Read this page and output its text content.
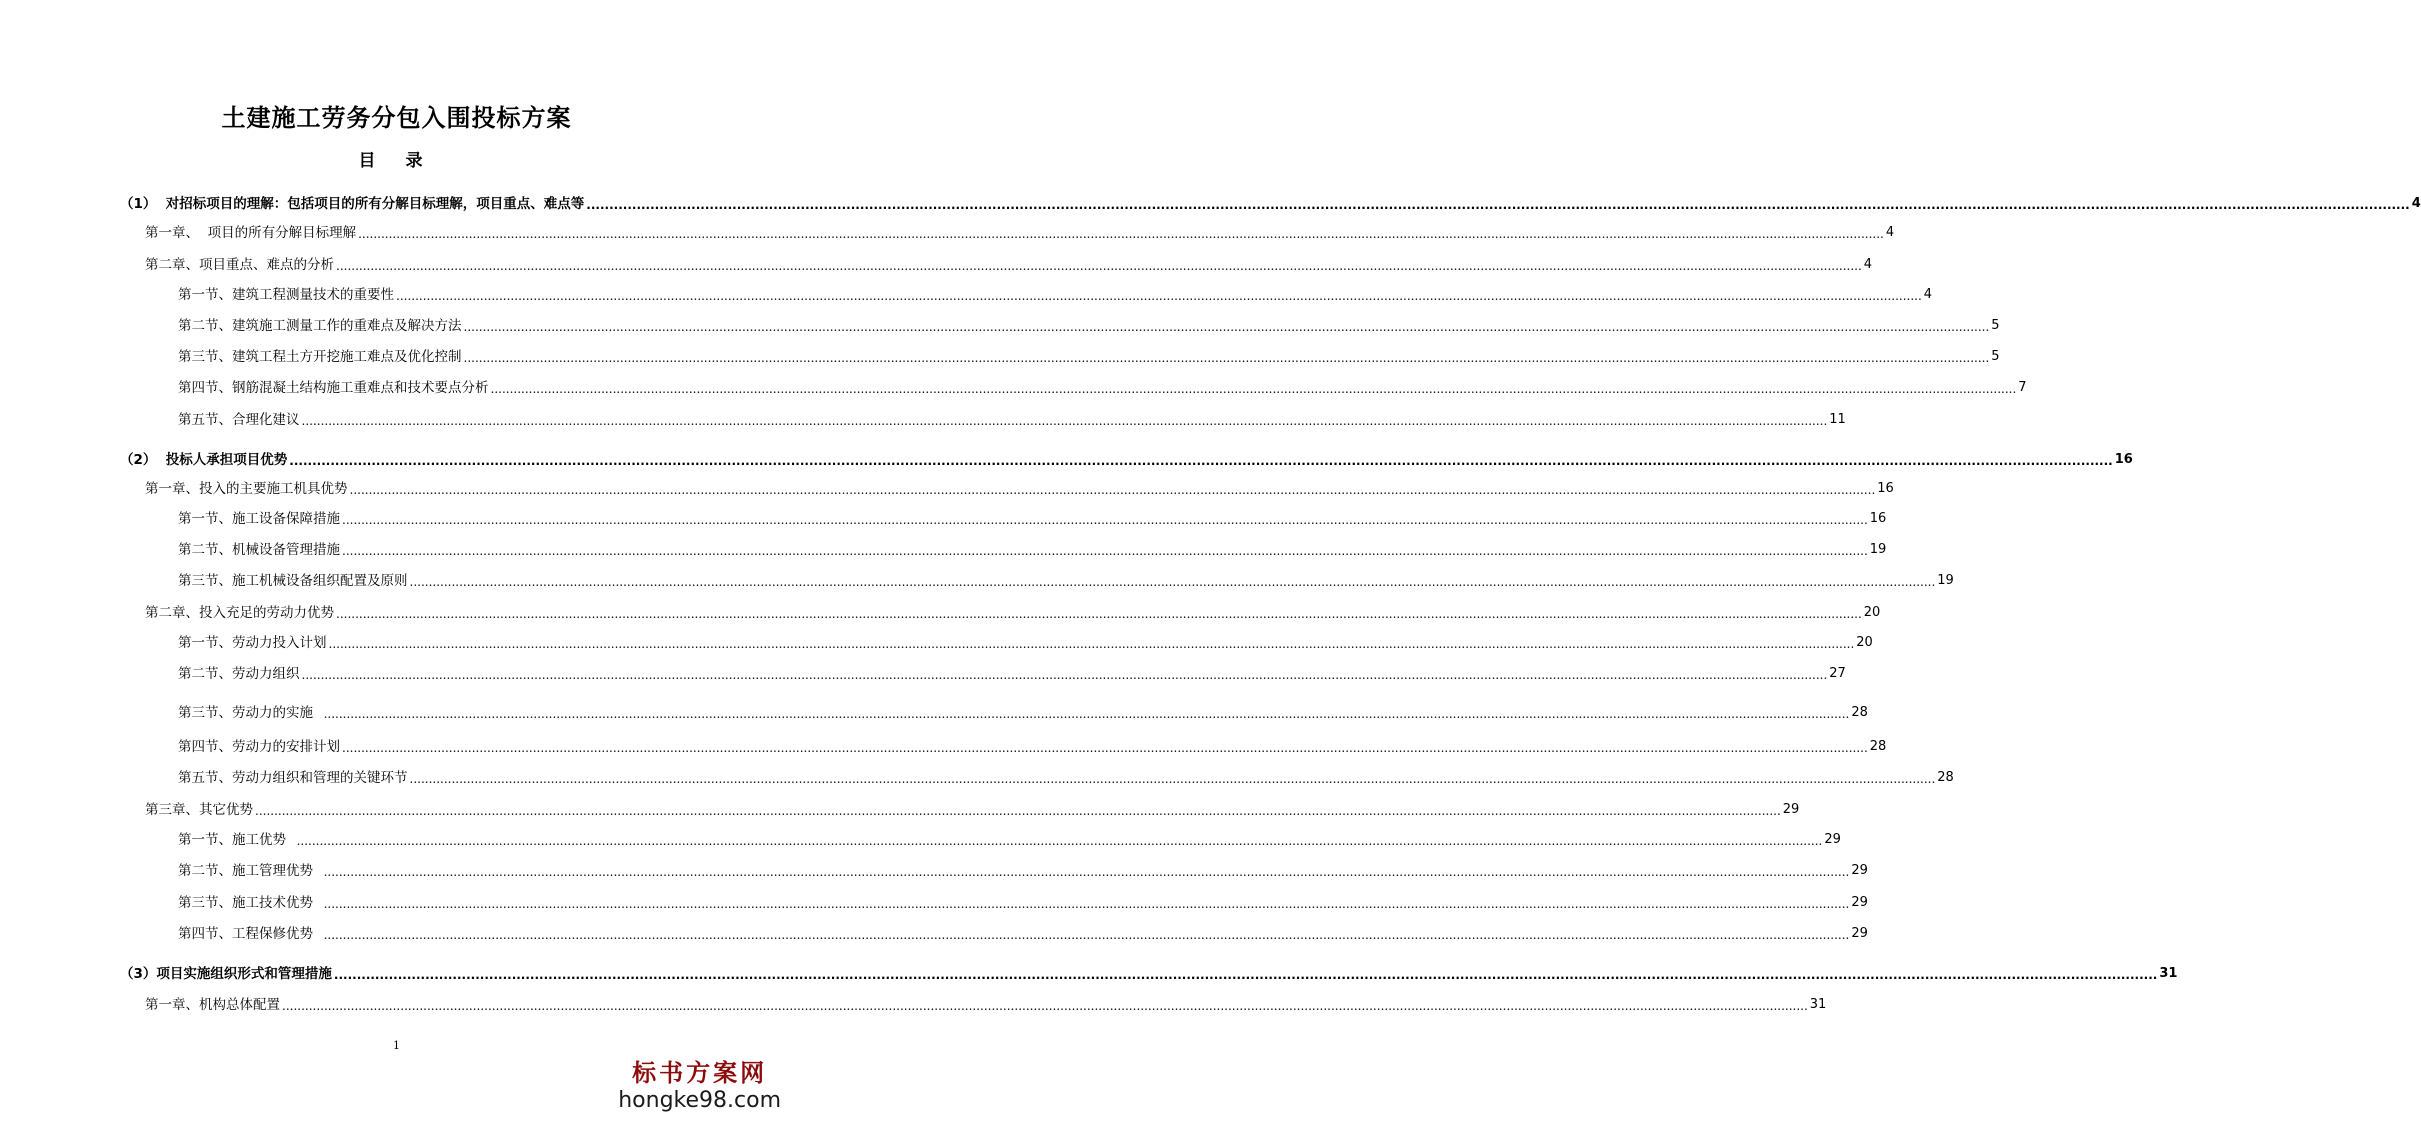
土建施工劳务分包入围投标方案
目 录
（1）  对招标项目的理解：包括项目的所有分解目标理解，项目重点、难点等 ................................................................................................................................................................................................................................................................................................................................................................................................................ 4
第一章、  项目的所有分解目标理解 ................................................................................................................................................................................................................................................................................................................................................................................................................ 4
第二章、项目重点、难点的分析 ................................................................................................................................................................................................................................................................................................................................................................................................................ 4
第一节、建筑工程测量技术的重要性 ................................................................................................................................................................................................................................................................................................................................................................................................................ 4
第二节、建筑施工测量工作的重难点及解决方法 ................................................................................................................................................................................................................................................................................................................................................................................................................ 5
第三节、建筑工程土方开挖施工难点及优化控制 ................................................................................................................................................................................................................................................................................................................................................................................................................ 5
第四节、钢筋混凝土结构施工重难点和技术要点分析 ................................................................................................................................................................................................................................................................................................................................................................................................................ 7
第五节、合理化建议 ................................................................................................................................................................................................................................................................................................................................................................................................................ 11
（2）  投标人承担项目优势 ................................................................................................................................................................................................................................................................................................................................................................................................................ 16
第一章、投入的主要施工机具优势 ................................................................................................................................................................................................................................................................................................................................................................................................................ 16
第一节、施工设备保障措施 ................................................................................................................................................................................................................................................................................................................................................................................................................ 16
第二节、机械设备管理措施 ................................................................................................................................................................................................................................................................................................................................................................................................................ 19
第三节、施工机械设备组织配置及原则 ................................................................................................................................................................................................................................................................................................................................................................................................................ 19
第二章、投入充足的劳动力优势 ................................................................................................................................................................................................................................................................................................................................................................................................................ 20
第一节、劳动力投入计划 ................................................................................................................................................................................................................................................................................................................................................................................................................ 20
第二节、劳动力组织 ................................................................................................................................................................................................................................................................................................................................................................................................................ 27
第三节、劳动力的实施 ................................................................................................................................................................................................................................................................................................................................................................................................................ 28
第四节、劳动力的安排计划 ................................................................................................................................................................................................................................................................................................................................................................................................................ 28
第五节、劳动力组织和管理的关键环节 ................................................................................................................................................................................................................................................................................................................................................................................................................ 28
第三章、其它优势 ................................................................................................................................................................................................................................................................................................................................................................................................................ 29
第一节、施工优势 ................................................................................................................................................................................................................................................................................................................................................................................................................ 29
第二节、施工管理优势 ................................................................................................................................................................................................................................................................................................................................................................................................................ 29
第三节、施工技术优势 ................................................................................................................................................................................................................................................................................................................................................................................................................ 29
第四节、工程保修优势 ................................................................................................................................................................................................................................................................................................................................................................................................................ 29
（3）项目实施组织形式和管理措施 ................................................................................................................................................................................................................................................................................................................................................................................................................ 31
第一章、机构总体配置 ................................................................................................................................................................................................................................................................................................................................................................................................................ 31
1
标书方案网
hongke98.com
